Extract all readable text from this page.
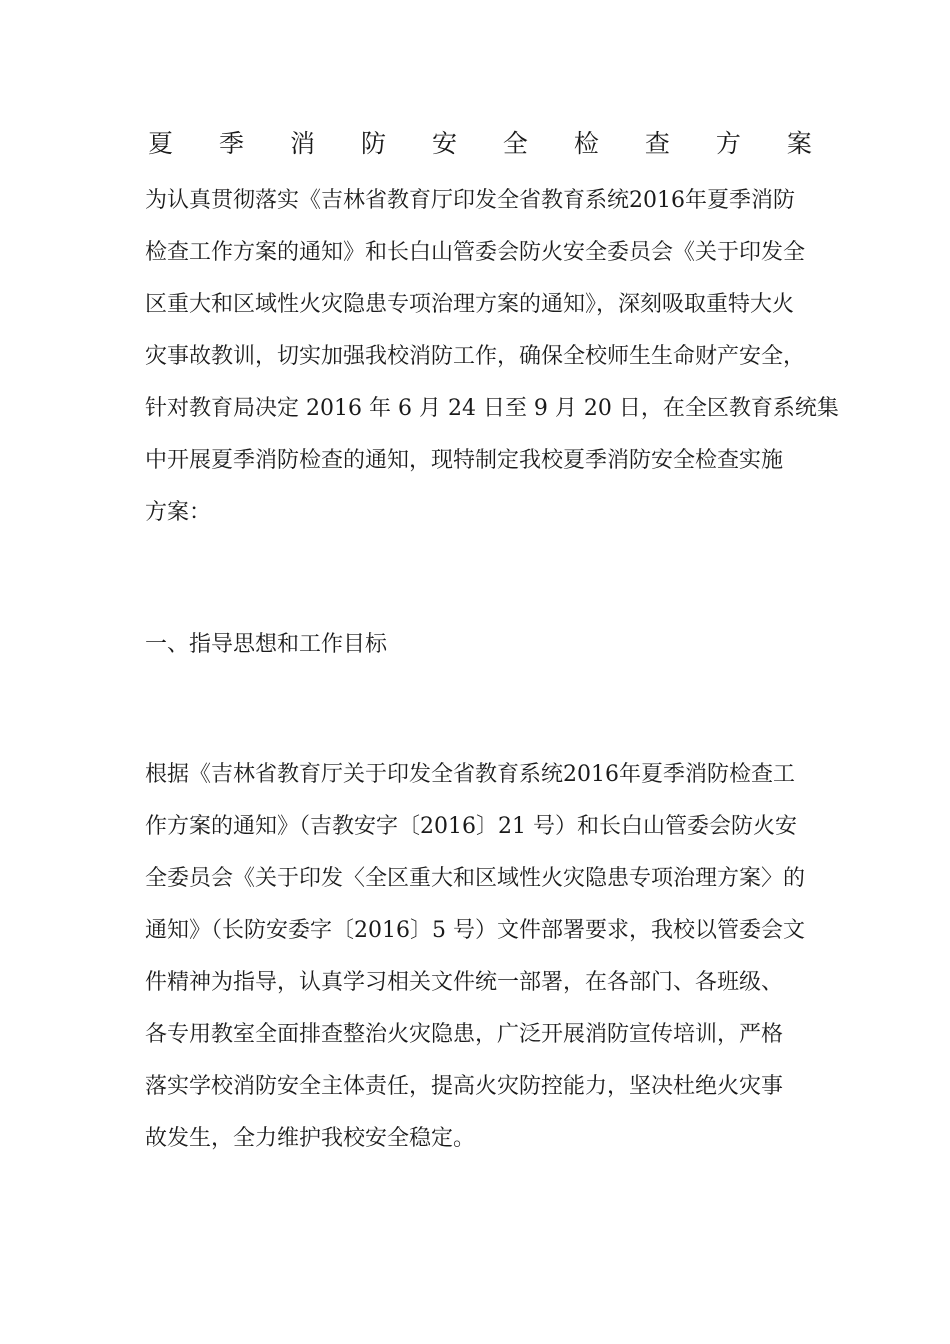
夏 季 消 防 安 全 检 查 方 案
为认真贯彻落实《吉林省教育厅印发全省教育系统2016年夏季消防
检查工作方案的通知》和长白山管委会防火安全委员会《关于印发全
区重大和区域性火灾隐患专项治理方案的通知》，深刻吸取重特大火
灾事故教训，切实加强我校消防工作，确保全校师生生命财产安全，
针对教育局决定 2016 年 6 月 24 日至 9 月 20 日，在全区教育系统集
中开展夏季消防检查的通知，现特制定我校夏季消防安全检查实施
方案：
一、指导思想和工作目标
根据《吉林省教育厅关于印发全省教育系统2016年夏季消防检查工
作方案的通知》（吉教安字〔2016〕21 号）和长白山管委会防火安
全委员会《关于印发〈全区重大和区域性火灾隐患专项治理方案〉的
通知》（长防安委字〔2016〕5 号）文件部署要求，我校以管委会文
件精神为指导，认真学习相关文件统一部署，在各部门、各班级、
各专用教室全面排查整治火灾隐患，广泛开展消防宣传培训，严格
落实学校消防安全主体责任，提高火灾防控能力，坚决杜绝火灾事
故发生，全力维护我校安全稳定。
